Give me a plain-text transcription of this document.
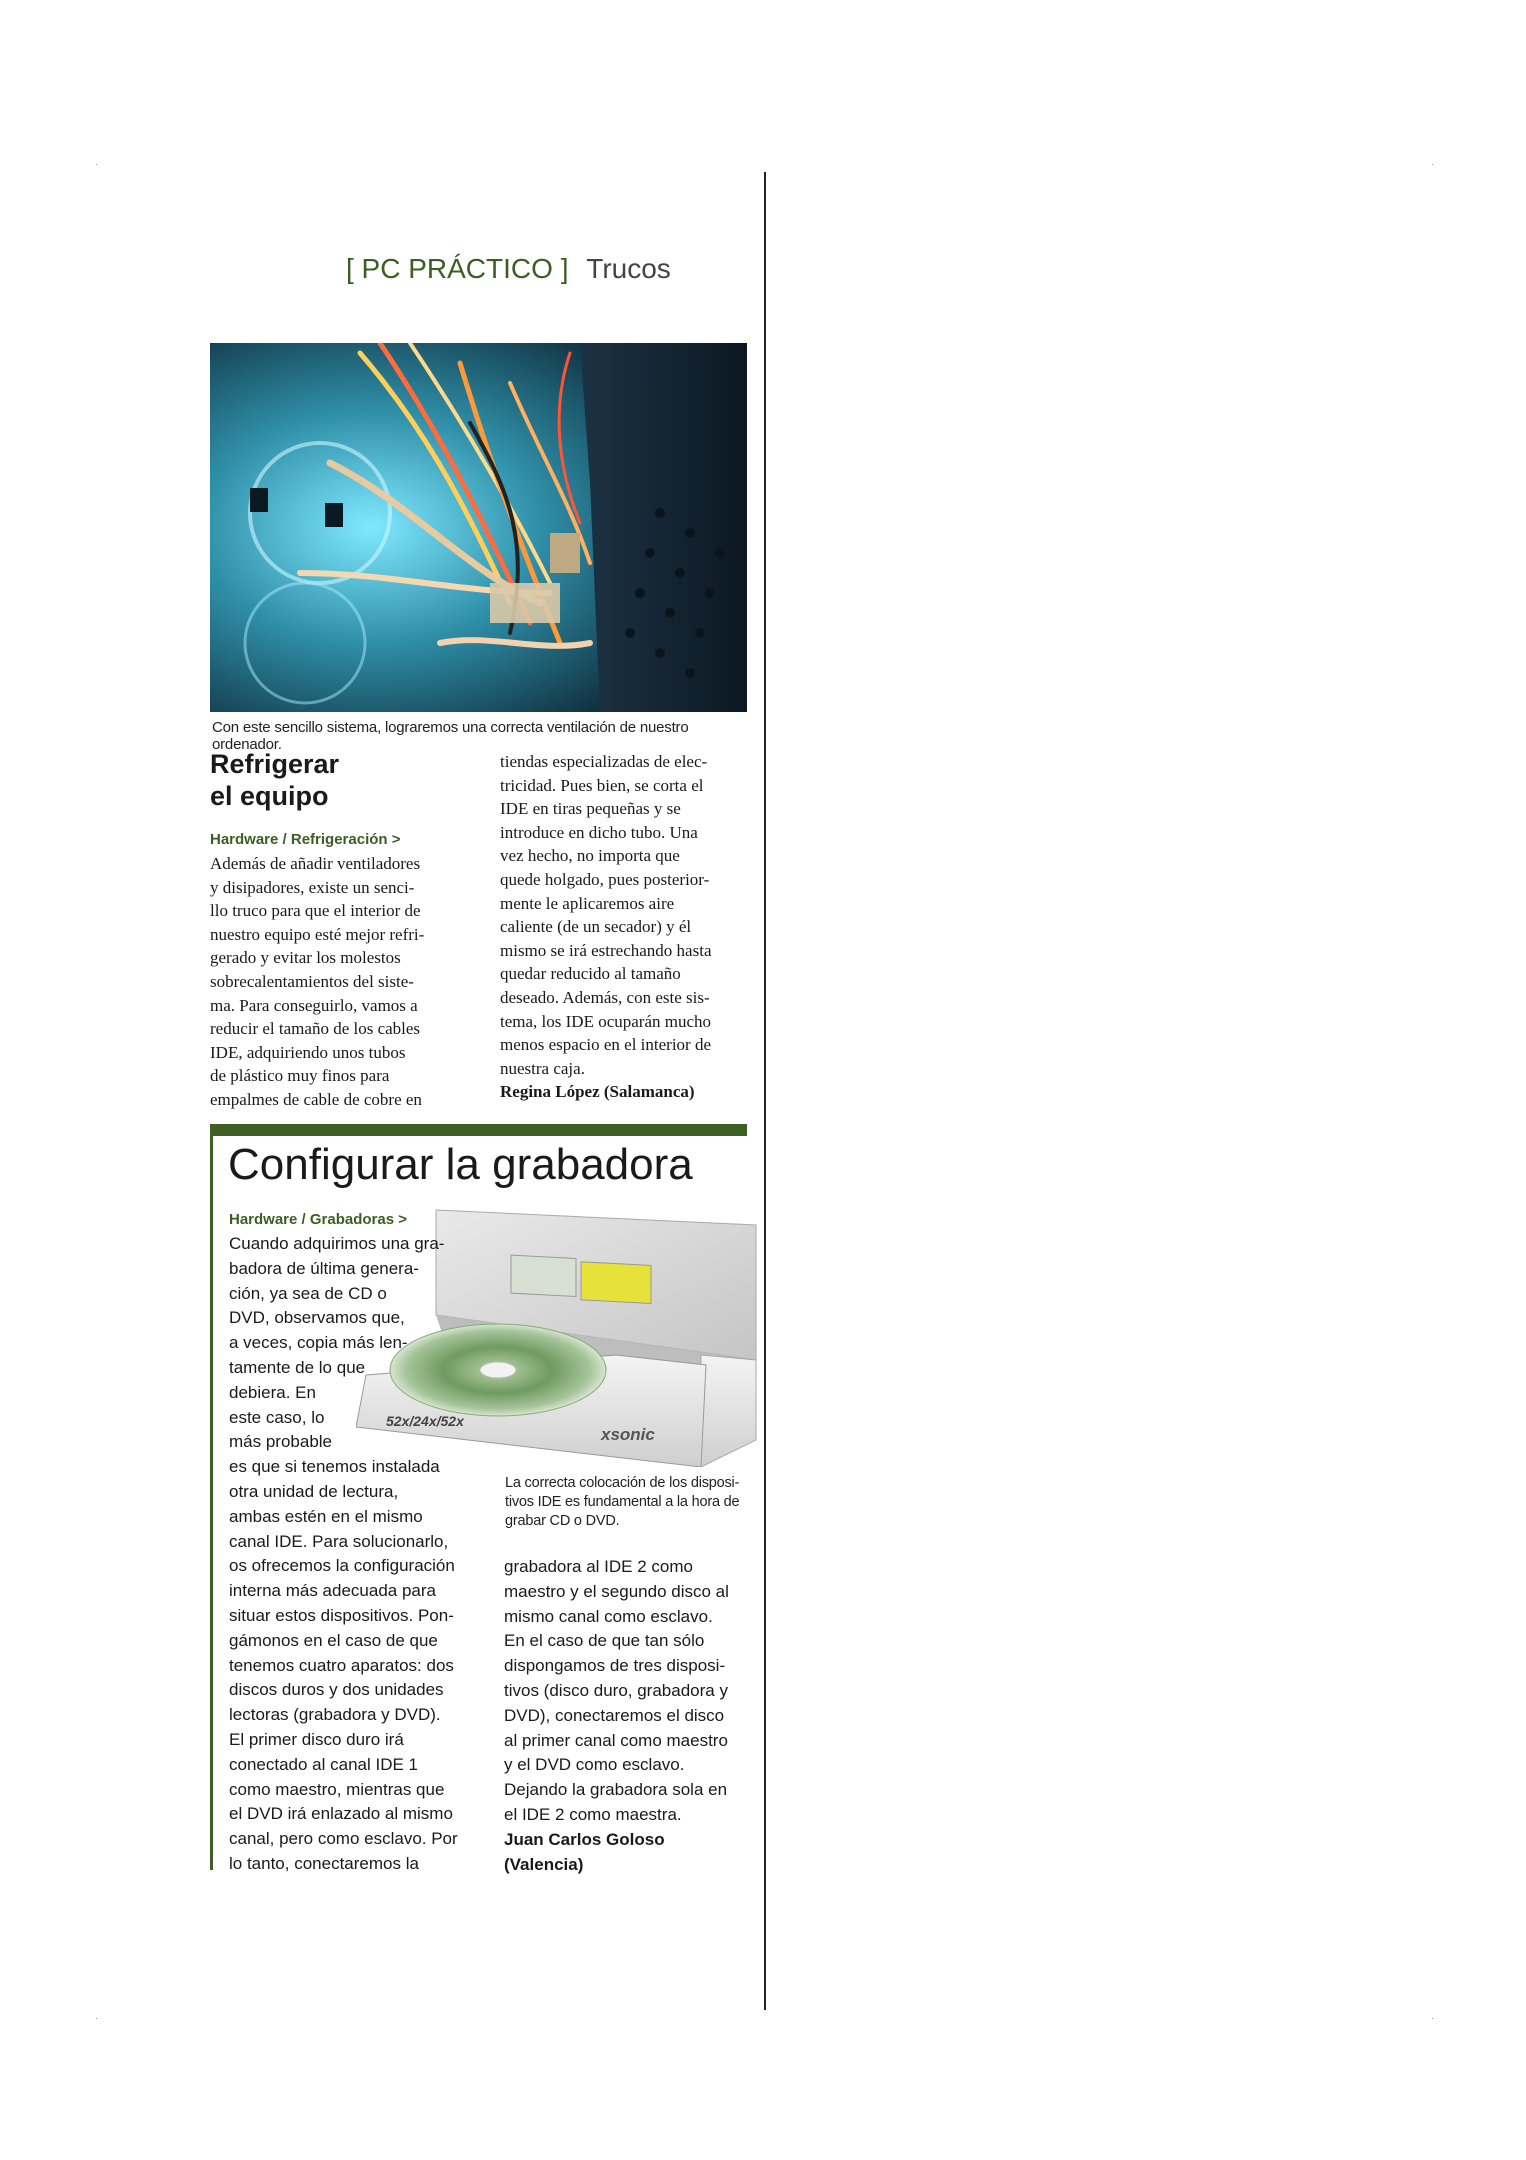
[ PC PRÁCTICO ] Trucos
Con este sencillo sistema, lograremos una correcta ventilación de nuestro ordenador.
Refrigerar
el equipo
Hardware / Refrigeración >
Además de añadir ventiladores
y disipadores, existe un senci-
llo truco para que el interior de
nuestro equipo esté mejor refri-
gerado y evitar los molestos
sobrecalentamientos del siste-
ma. Para conseguirlo, vamos a
reducir el tamaño de los cables
IDE, adquiriendo unos tubos
de plástico muy finos para
empalmes de cable de cobre en
tiendas especializadas de elec-
tricidad. Pues bien, se corta el
IDE en tiras pequeñas y se
introduce en dicho tubo. Una
vez hecho, no importa que
quede holgado, pues posterior-
mente le aplicaremos aire
caliente (de un secador) y él
mismo se irá estrechando hasta
quedar reducido al tamaño
deseado. Además, con este sis-
tema, los IDE ocuparán mucho
menos espacio en el interior de
nuestra caja.
Regina López (Salamanca)
Configurar la grabadora
Hardware / Grabadoras >
52x/24x/52x
xsonic
Cuando adquirimos una gra-
badora de última genera-
ción, ya sea de CD o
DVD, observamos que,
a veces, copia más len-
tamente de lo que
debiera. En
este caso, lo
más probable
es que si tenemos instalada
otra unidad de lectura,
ambas estén en el mismo
canal IDE. Para solucionarlo,
os ofrecemos la configuración
interna más adecuada para
situar estos dispositivos. Pon-
gámonos en el caso de que
tenemos cuatro aparatos: dos
discos duros y dos unidades
lectoras (grabadora y DVD).
El primer disco duro irá
conectado al canal IDE 1
como maestro, mientras que
el DVD irá enlazado al mismo
canal, pero como esclavo. Por
lo tanto, conectaremos la
La correcta colocación de los disposi-
tivos IDE es fundamental a la hora de
grabar CD o DVD.
grabadora al IDE 2 como
maestro y el segundo disco al
mismo canal como esclavo.
En el caso de que tan sólo
dispongamos de tres disposi-
tivos (disco duro, grabadora y
DVD), conectaremos el disco
al primer canal como maestro
y el DVD como esclavo.
Dejando la grabadora sola en
el IDE 2 como maestra.
Juan Carlos Goloso
(Valencia)
